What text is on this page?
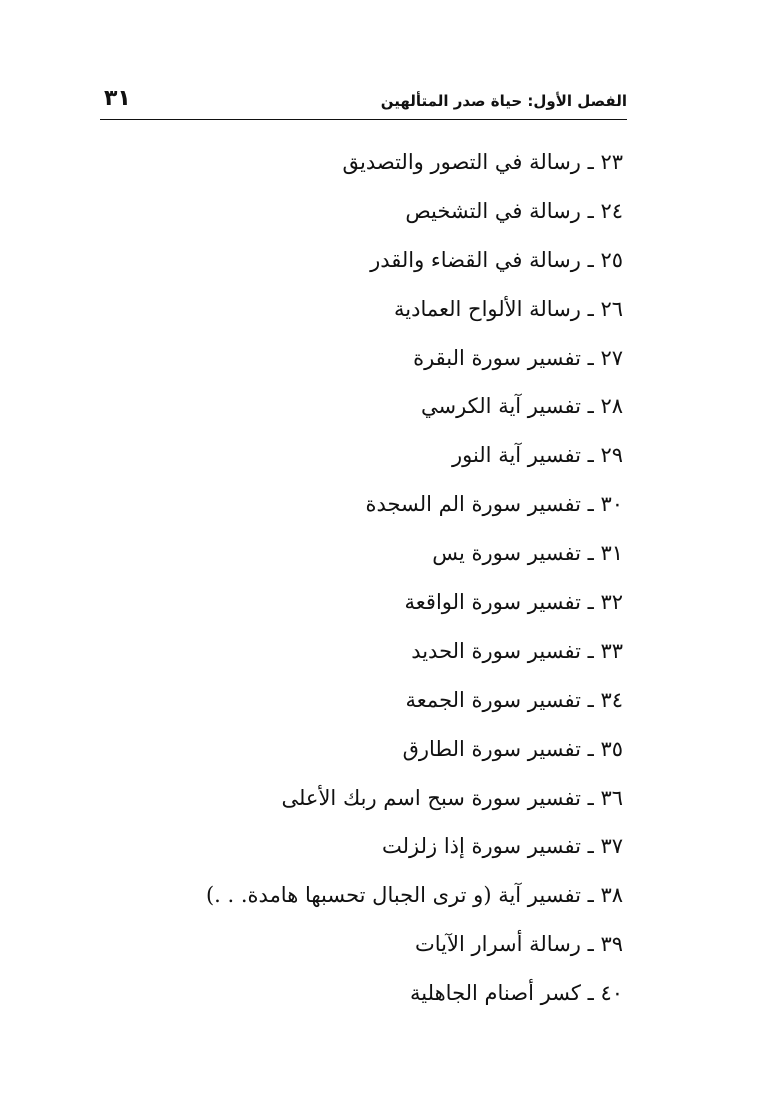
٣١	الفصل الأول: حياة صدر المتألهين
٢٣ ـ رسالة في التصور والتصديق
٢٤ ـ رسالة في التشخيص
٢٥ ـ رسالة في القضاء والقدر
٢٦ ـ رسالة الألواح العمادية
٢٧ ـ تفسير سورة البقرة
٢٨ ـ تفسير آية الكرسي
٢٩ ـ تفسير آية النور
٣٠ ـ تفسير سورة الم السجدة
٣١ ـ تفسير سورة يس
٣٢ ـ تفسير سورة الواقعة
٣٣ ـ تفسير سورة الحديد
٣٤ ـ تفسير سورة الجمعة
٣٥ ـ تفسير سورة الطارق
٣٦ ـ تفسير سورة سبح اسم ربك الأعلى
٣٧ ـ تفسير سورة إذا زلزلت
٣٨ ـ تفسير آية (و ترى الجبال تحسبها هامدة. . .)
٣٩ ـ رسالة أسرار الآيات
٤٠ ـ كسر أصنام الجاهلية
